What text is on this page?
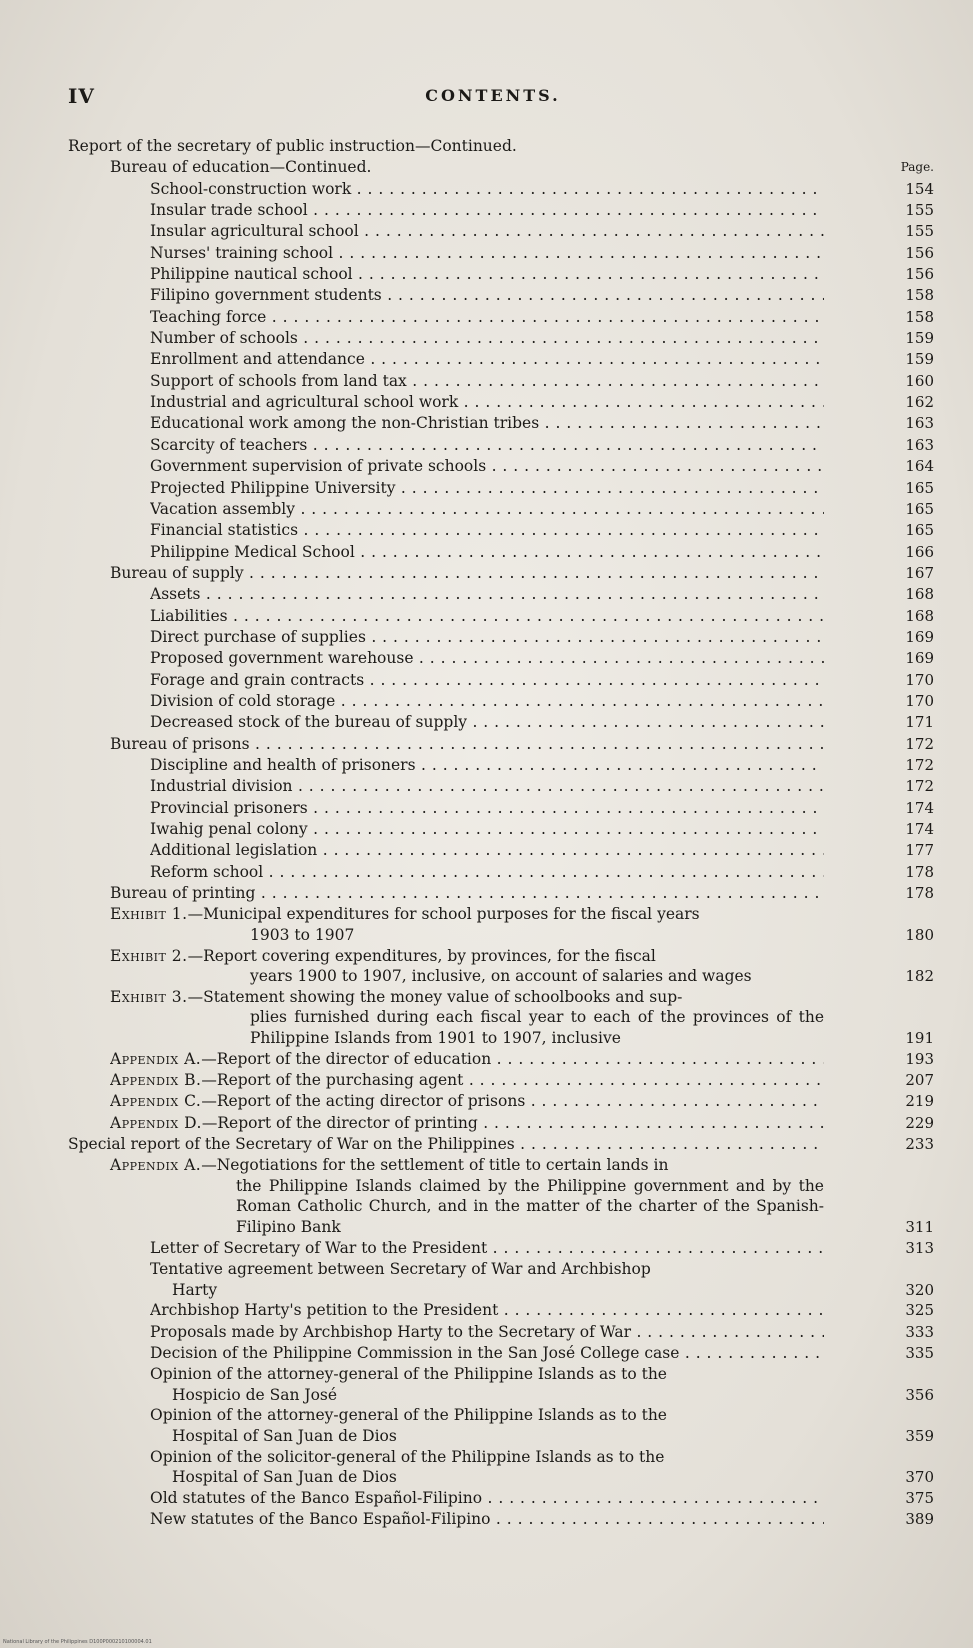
IV	CONTENTS.
Report of the secretary of public instruction—Continued.
Bureau of education—Continued.	Page.
School-construction work . . .	154
Insular trade school . . .	155
Insular agricultural school . . .	155
Nurses' training school . . .	156
Philippine nautical school . . .	156
Filipino government students . . .	158
Teaching force . . .	158
Number of schools . . .	159
Enrollment and attendance . . .	159
Support of schools from land tax . . .	160
Industrial and agricultural school work . . .	162
Educational work among the non-Christian tribes . . .	163
Scarcity of teachers . . .	163
Government supervision of private schools . . .	164
Projected Philippine University . . .	165
Vacation assembly . . .	165
Financial statistics . . .	165
Philippine Medical School . . .	166
Bureau of supply . . .	167
Assets . . .	168
Liabilities . . .	168
Direct purchase of supplies . . .	169
Proposed government warehouse . . .	169
Forage and grain contracts . . .	170
Division of cold storage . . .	170
Decreased stock of the bureau of supply . . .	171
Bureau of prisons . . .	172
Discipline and health of prisoners . . .	172
Industrial division . . .	172
Provincial prisoners . . .	174
Iwahig penal colony . . .	174
Additional legislation . . .	177
Reform school . . .	178
Bureau of printing . . .	178
Exhibit 1.—Municipal expenditures for school purposes for the fiscal years
1903 to 1907	180
Exhibit 2.—Report covering expenditures, by provinces, for the fiscal
years 1900 to 1907, inclusive, on account of salaries and wages	182
Exhibit 3.—Statement showing the money value of schoolbooks and sup-
plies furnished during each fiscal year to each of the provinces of the Philippine Islands from 1901 to 1907, inclusive	191
Appendix A.—Report of the director of education . . .	193
Appendix B.—Report of the purchasing agent . . .	207
Appendix C.—Report of the acting director of prisons . . .	219
Appendix D.—Report of the director of printing . . .	229
Special report of the Secretary of War on the Philippines . . .	233
Appendix A.—Negotiations for the settlement of title to certain lands in
the Philippine Islands claimed by the Philippine government and by the Roman Catholic Church, and in the matter of the charter of the Spanish-Filipino Bank	311
Letter of Secretary of War to the President . . .	313
Tentative agreement between Secretary of War and Archbishop
Harty	320
Archbishop Harty's petition to the President . . .	325
Proposals made by Archbishop Harty to the Secretary of War . . .	333
Decision of the Philippine Commission in the San José College case . . .	335
Opinion of the attorney-general of the Philippine Islands as to the
Hospicio de San José	356
Opinion of the attorney-general of the Philippine Islands as to the
Hospital of San Juan de Dios	359
Opinion of the solicitor-general of the Philippine Islands as to the
Hospital of San Juan de Dios	370
Old statutes of the Banco Español-Filipino . . .	375
New statutes of the Banco Español-Filipino . . .	389
National Library of the Philippines D100P000210100004.01
